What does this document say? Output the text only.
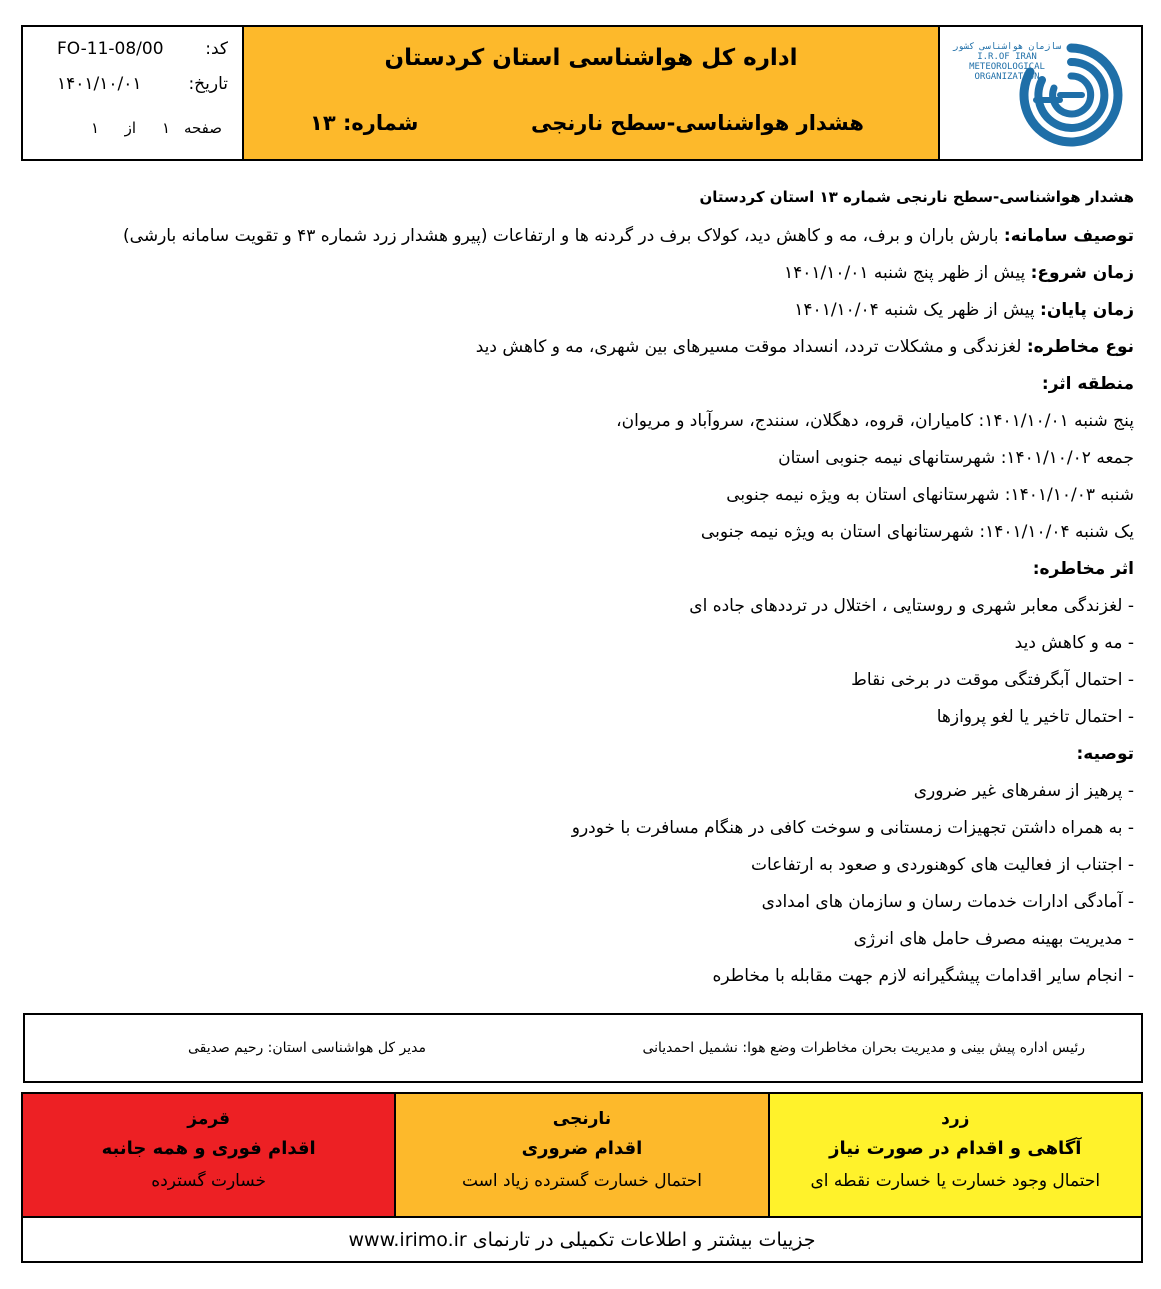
FO-11-08/00 کد:
۱۴۰۱/۱۰/۰۱	تاریخ:
صفحه
۱
از
۱
اداره کل هواشناسی استان کردستان
هشدار هواشناسی-سطح نارنجی
شماره: ۱۳
سازمان هواشناسی کشور
I.R.OF IRAN
METEOROLOGICAL
ORGANIZATION
هشدار هواشناسی-سطح نارنجی شماره ۱۳ استان کردستان
توصیف سامانه: بارش باران و برف، مه و کاهش دید، کولاک برف در گردنه ها و ارتفاعات (پیرو هشدار زرد شماره ۴۳ و تقویت سامانه بارشی)
زمان شروع: پیش از ظهر پنج شنبه ۱۴۰۱/۱۰/۰۱
زمان پایان: پیش از ظهر یک شنبه ۱۴۰۱/۱۰/۰۴
نوع مخاطره: لغزندگی و مشکلات تردد، انسداد موقت مسیرهای بین شهری، مه و کاهش دید
منطقه اثر:
پنج شنبه ۱۴۰۱/۱۰/۰۱: کامیاران، قروه، دهگلان، سنندج، سروآباد و مریوان،
جمعه ۱۴۰۱/۱۰/۰۲: شهرستانهای نیمه جنوبی استان
شنبه ۱۴۰۱/۱۰/۰۳: شهرستانهای استان به ویژه نیمه جنوبی
یک شنبه ۱۴۰۱/۱۰/۰۴: شهرستانهای استان به ویژه نیمه جنوبی
اثر مخاطره:
- لغزندگی معابر شهری و روستایی ، اختلال در ترددهای جاده ای
- مه و کاهش دید
- احتمال آبگرفتگی موقت در برخی نقاط
- احتمال تاخیر یا لغو پروازها
توصیه:
- پرهیز از سفرهای غیر ضروری
- به همراه داشتن تجهیزات زمستانی و سوخت کافی در هنگام مسافرت با خودرو
- اجتناب از فعالیت های کوهنوردی و صعود به ارتفاعات
- آمادگی ادارات خدمات رسان و سازمان های امدادی
- مدیریت بهینه مصرف حامل های انرژی
- انجام سایر اقدامات پیشگیرانه لازم جهت مقابله با مخاطره
رئیس اداره پیش بینی و مدیریت بحران مخاطرات وضع هوا: نشمیل احمدیانی
مدیر کل هواشناسی استان: رحیم صدیقی
قرمز
اقدام فوری و همه جانبه
خسارت گسترده
نارنجی
اقدام ضروری
احتمال خسارت گسترده زیاد است
زرد
آگاهی و اقدام در صورت نیاز
احتمال وجود خسارت یا خسارت نقطه ای
جزییات بیشتر و اطلاعات تکمیلی در تارنمای www.irimo.ir
